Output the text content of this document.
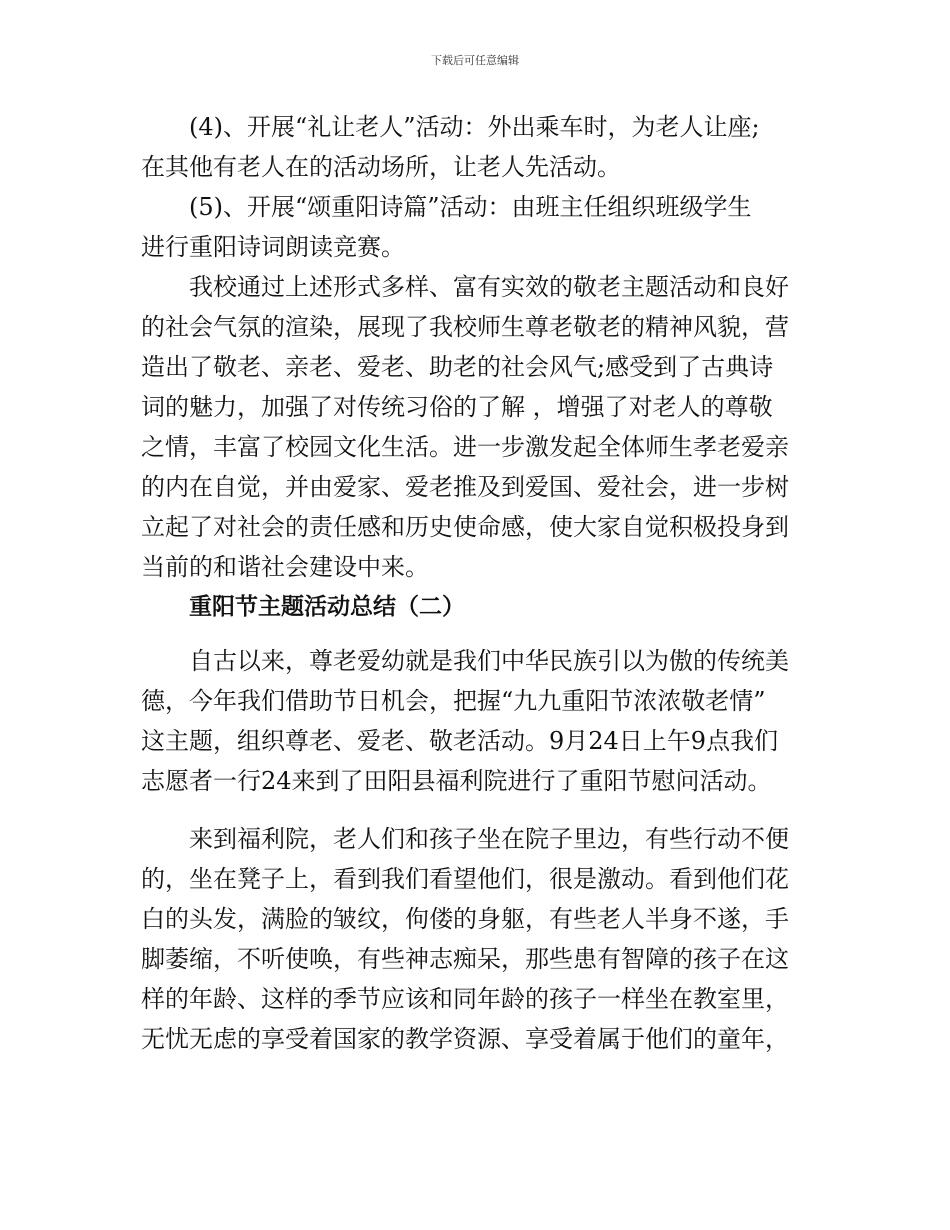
下载后可任意编辑
(4)、开展“礼让老人”活动：外出乘车时，为老人让座;
在其他有老人在的活动场所，让老人先活动。
(5)、开展“颂重阳诗篇”活动：由班主任组织班级学生
进行重阳诗词朗读竞赛。
我校通过上述形式多样、富有实效的敬老主题活动和良好
的社会气氛的渲染，展现了我校师生尊老敬老的精神风貌，营
造出了敬老、亲老、爱老、助老的社会风气;感受到了古典诗
词的魅力，加强了对传统习俗的了解 ，增强了对老人的尊敬
之情，丰富了校园文化生活。进一步激发起全体师生孝老爱亲
的内在自觉，并由爱家、爱老推及到爱国、爱社会，进一步树
立起了对社会的责任感和历史使命感，使大家自觉积极投身到
当前的和谐社会建设中来。
重阳节主题活动总结（二）
自古以来，尊老爱幼就是我们中华民族引以为傲的传统美
德，今年我们借助节日机会，把握“九九重阳节浓浓敬老情”
这主题，组织尊老、爱老、敬老活动。9月24日上午9点我们
志愿者一行24来到了田阳县福利院进行了重阳节慰问活动。
来到福利院，老人们和孩子坐在院子里边，有些行动不便
的，坐在凳子上，看到我们看望他们，很是激动。看到他们花
白的头发，满脸的皱纹，佝偻的身躯，有些老人半身不遂，手
脚萎缩，不听使唤，有些神志痴呆，那些患有智障的孩子在这
样的年龄、这样的季节应该和同年龄的孩子一样坐在教室里，
无忧无虑的享受着国家的教学资源、享受着属于他们的童年，
